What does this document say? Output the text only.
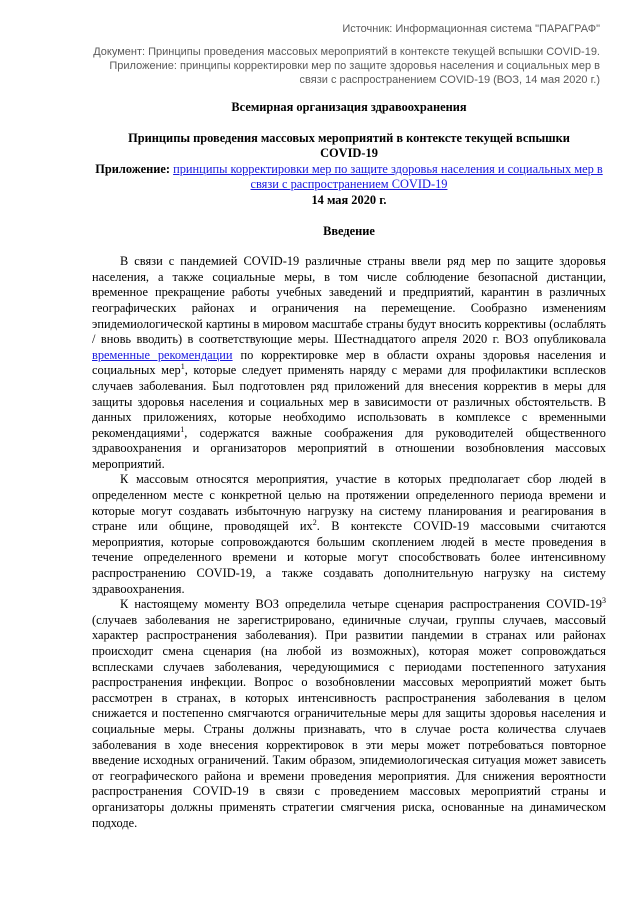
Источник: Информационная система "ПАРАГРАФ"
Документ: Принципы проведения массовых мероприятий в контексте текущей вспышки COVID-19.
Приложение: принципы корректировки мер по защите здоровья населения и социальных мер в
связи с распространением COVID-19 (ВОЗ, 14 мая 2020 г.)
Всемирная организация здравоохранения
Принципы проведения массовых мероприятий в контексте текущей вспышки
COVID-19
Приложение: принципы корректировки мер по защите здоровья населения и социальных мер в связи с распространением COVID-19
14 мая 2020 г.
Введение

В связи с пандемией COVID-19 различные страны ввели ряд мер по защите здоровья населения, а также социальные меры, в том числе соблюдение безопасной дистанции, временное прекращение работы учебных заведений и предприятий, карантин в различных географических районах и ограничения на перемещение. Сообразно изменениям эпидемиологической картины в мировом масштабе страны будут вносить коррективы (ослаблять / вновь вводить) в соответствующие меры. Шестнадцатого апреля 2020 г. ВОЗ опубликовала временные рекомендации по корректировке мер в области охраны здоровья населения и социальных мер$^1$, которые следует применять наряду с мерами для профилактики всплесков случаев заболевания. Был подготовлен ряд приложений для внесения корректив в меры для защиты здоровья населения и социальных мер в зависимости от различных обстоятельств. В данных приложениях, которые необходимо использовать в комплексе с временными рекомендациями$^1$, содержатся важные соображения для руководителей общественного здравоохранения и организаторов мероприятий в отношении возобновления массовых мероприятий.

К массовым относятся мероприятия, участие в которых предполагает сбор людей в определенном месте с конкретной целью на протяжении определенного периода времени и которые могут создавать избыточную нагрузку на систему планирования и реагирования в стране или общине, проводящей $их^2$. В контексте COVID-19 массовыми считаются мероприятия, которые сопровождаются большим скоплением людей в месте проведения в течение определенного времени и которые могут способствовать более интенсивному распространению COVID-19, а также создавать дополнительную нагрузку на систему здравоохранения.

К настоящему моменту ВОЗ определила четыре сценария распространения COVID-$19^3$ (случаев заболевания не зарегистрировано, единичные случаи, группы случаев, массовый характер распространения заболевания). При развитии пандемии в странах или районах происходит смена сценария (на любой из возможных), которая может сопровождаться всплесками случаев заболевания, чередующимися с периодами постепенного затухания распространения инфекции. Вопрос о возобновлении массовых мероприятий может быть рассмотрен в странах, в которых интенсивность распространения заболевания в целом снижается и постепенно смягчаются ограничительные меры для защиты здоровья населения и социальные меры. Страны должны признавать, что в случае роста количества случаев заболевания в ходе внесения корректировок в эти меры может потребоваться повторное введение исходных ограничений. Таким образом, эпидемиологическая ситуация может зависеть от географического района и времени проведения мероприятия. Для снижения вероятности распространения COVID-19 в связи с проведением массовых мероприятий страны и организаторы должны применять стратегии смягчения риска, основанные на динамическом подходе.
